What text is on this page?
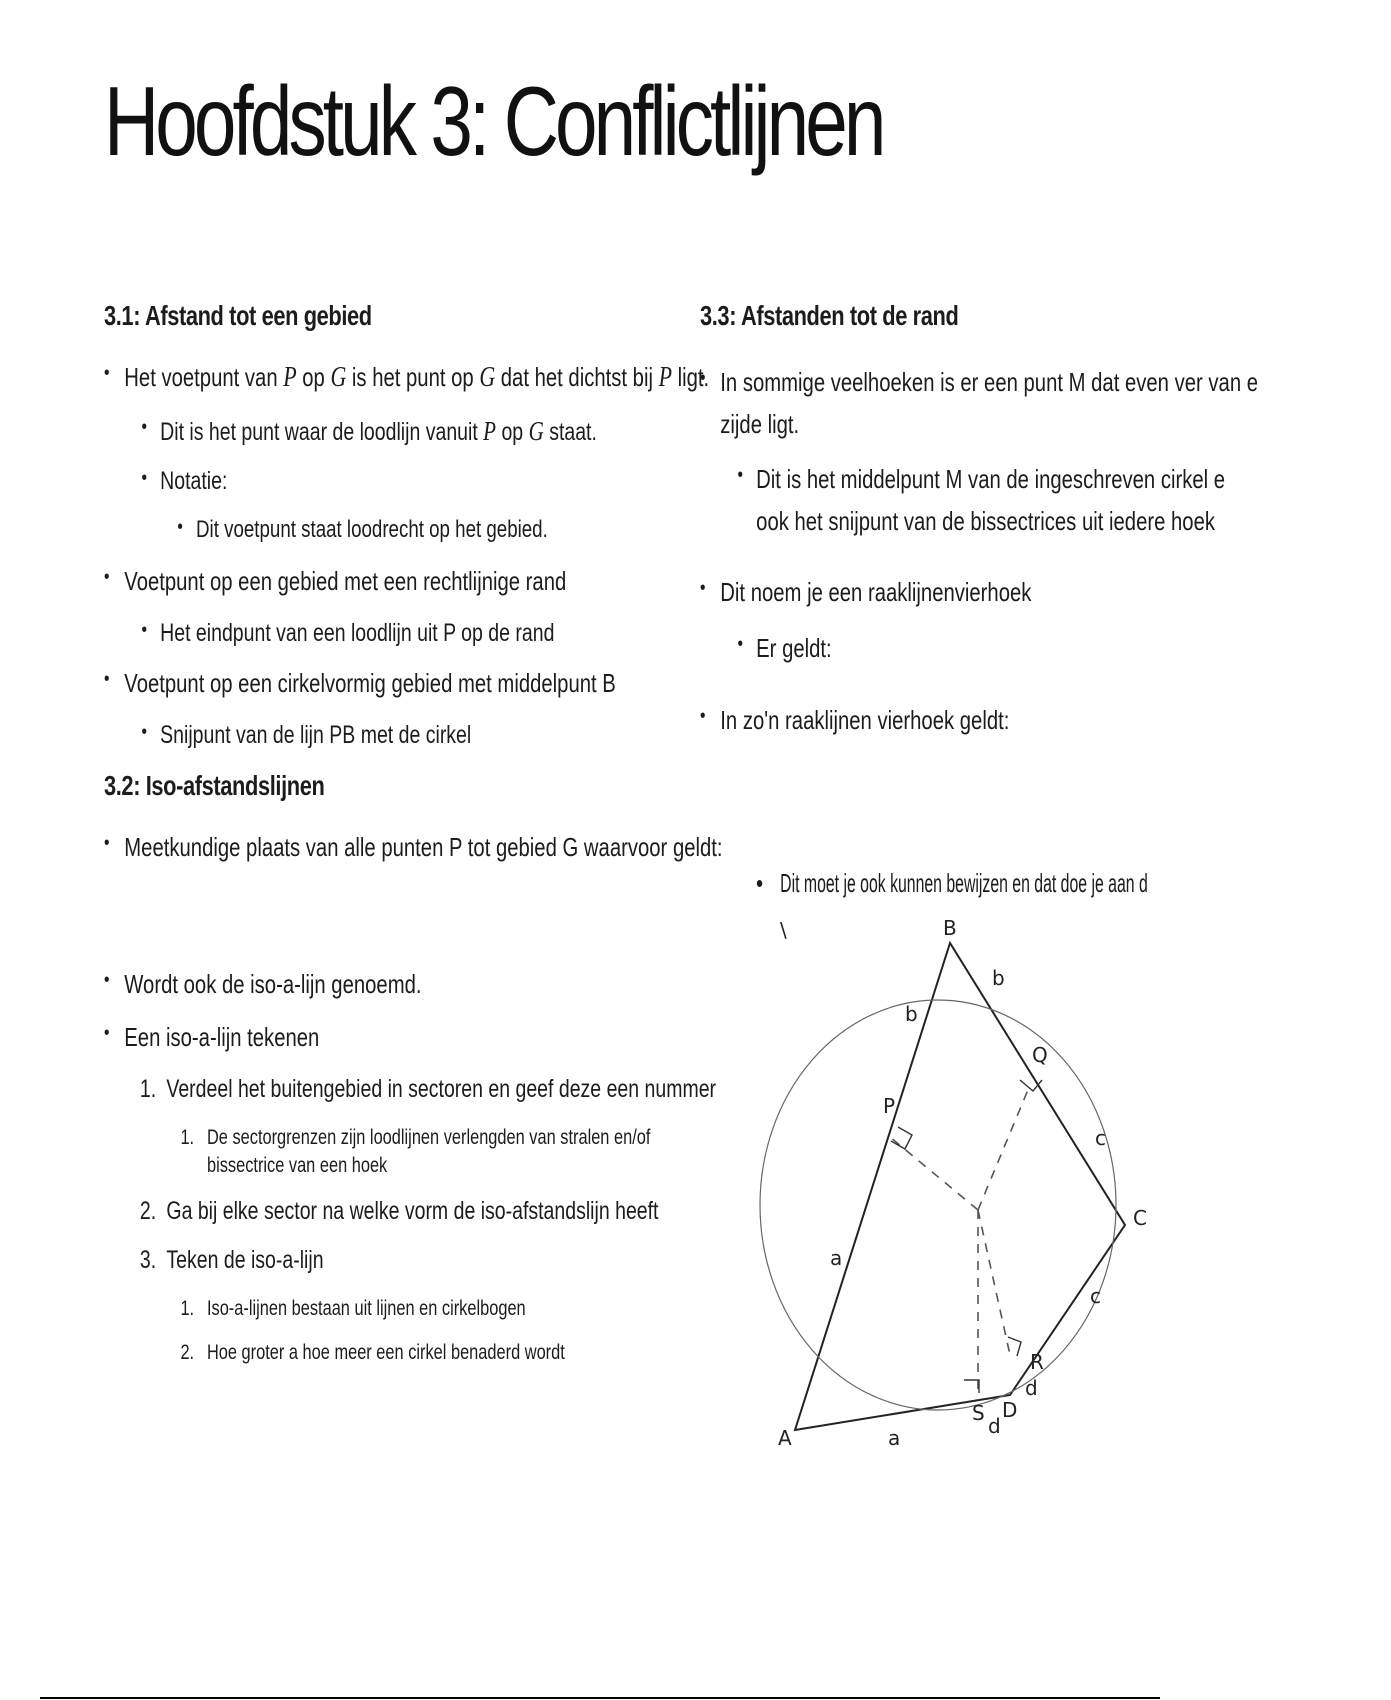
Hoofdstuk 3: Conflictlijnen
3.1: Afstand tot een gebied
• Het voetpunt van P op G is het punt op G dat het dichtst bij P ligt.
• Dit is het punt waar de loodlijn vanuit P op G staat.
• Notatie:
• Dit voetpunt staat loodrecht op het gebied.
• Voetpunt op een gebied met een rechtlijnige rand
• Het eindpunt van een loodlijn uit P op de rand
• Voetpunt op een cirkelvormig gebied met middelpunt B
• Snijpunt van de lijn PB met de cirkel
3.2: Iso-afstandslijnen
• Meetkundige plaats van alle punten P tot gebied G waarvoor geldt:
• Wordt ook de iso-a-lijn genoemd.
• Een iso-a-lijn tekenen
1. Verdeel het buitengebied in sectoren en geef deze een nummer
1. De sectorgrenzen zijn loodlijnen verlengden van stralen en/of bissectrice van een hoek
2. Ga bij elke sector na welke vorm de iso-afstandslijn heeft
3. Teken de iso-a-lijn
1. Iso-a-lijnen bestaan uit lijnen en cirkelbogen
2. Hoe groter a hoe meer een cirkel benaderd wordt
3.3: Afstanden tot de rand
• In sommige veelhoeken is er een punt M dat even ver van e
zijde ligt.
• Dit is het middelpunt M van de ingeschreven cirkel e
ook het snijpunt van de bissectrices uit iedere hoek
• Dit noem je een raaklijnenvierhoek
• Er geldt:
• In zo'n raaklijnen vierhoek geldt:
•   Dit moet je ook kunnen bewijzen en dat doe je aan d
A
B
C
D
P
Q
R
S
b
b
c
c
a
a
d
d
\
